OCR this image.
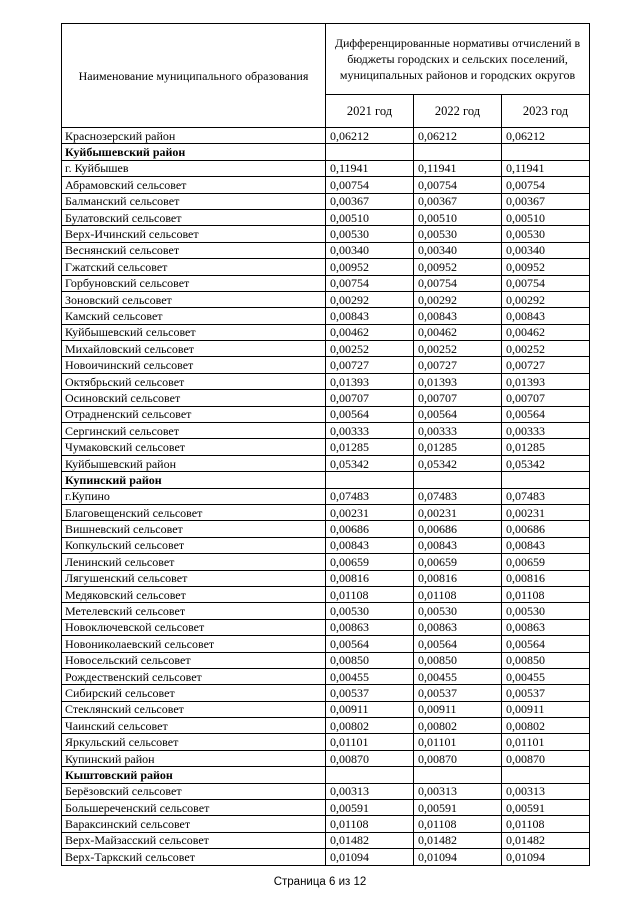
Наименование муниципального образования	Дифференцированные нормативы отчислений в бюджеты городских и сельских поселений, муниципальных районов и городских округов		
	2021 год	2022 год	2023 год
Краснозерский район	0,06212	0,06212	0,06212
Куйбышевский район			
г. Куйбышев	0,11941	0,11941	0,11941
Абрамовский сельсовет	0,00754	0,00754	0,00754
Балманский сельсовет	0,00367	0,00367	0,00367
Булатовский сельсовет	0,00510	0,00510	0,00510
Верх-Ичинский сельсовет	0,00530	0,00530	0,00530
Веснянский сельсовет	0,00340	0,00340	0,00340
Гжатский сельсовет	0,00952	0,00952	0,00952
Горбуновский сельсовет	0,00754	0,00754	0,00754
Зоновский сельсовет	0,00292	0,00292	0,00292
Камский сельсовет	0,00843	0,00843	0,00843
Куйбышевский сельсовет	0,00462	0,00462	0,00462
Михайловский сельсовет	0,00252	0,00252	0,00252
Новоичинский сельсовет	0,00727	0,00727	0,00727
Октябрьский сельсовет	0,01393	0,01393	0,01393
Осиновский сельсовет	0,00707	0,00707	0,00707
Отрадненский сельсовет	0,00564	0,00564	0,00564
Сергинский сельсовет	0,00333	0,00333	0,00333
Чумаковский сельсовет	0,01285	0,01285	0,01285
Куйбышевский район	0,05342	0,05342	0,05342
Купинский район			
г.Купино	0,07483	0,07483	0,07483
Благовещенский сельсовет	0,00231	0,00231	0,00231
Вишневский сельсовет	0,00686	0,00686	0,00686
Копкульский сельсовет	0,00843	0,00843	0,00843
Ленинский сельсовет	0,00659	0,00659	0,00659
Лягушенский сельсовет	0,00816	0,00816	0,00816
Медяковский сельсовет	0,01108	0,01108	0,01108
Метелевский сельсовет	0,00530	0,00530	0,00530
Новоключевской сельсовет	0,00863	0,00863	0,00863
Новониколаевский сельсовет	0,00564	0,00564	0,00564
Новосельский сельсовет	0,00850	0,00850	0,00850
Рождественский сельсовет	0,00455	0,00455	0,00455
Сибирский сельсовет	0,00537	0,00537	0,00537
Стеклянский сельсовет	0,00911	0,00911	0,00911
Чаинский сельсовет	0,00802	0,00802	0,00802
Яркульский сельсовет	0,01101	0,01101	0,01101
Купинский район	0,00870	0,00870	0,00870
Кыштовский район			
Берёзовский сельсовет	0,00313	0,00313	0,00313
Большереченский сельсовет	0,00591	0,00591	0,00591
Вараксинский сельсовет	0,01108	0,01108	0,01108
Верх-Майзасский сельсовет	0,01482	0,01482	0,01482
Верх-Таркский сельсовет	0,01094	0,01094	0,01094
Страница 6 из 12
